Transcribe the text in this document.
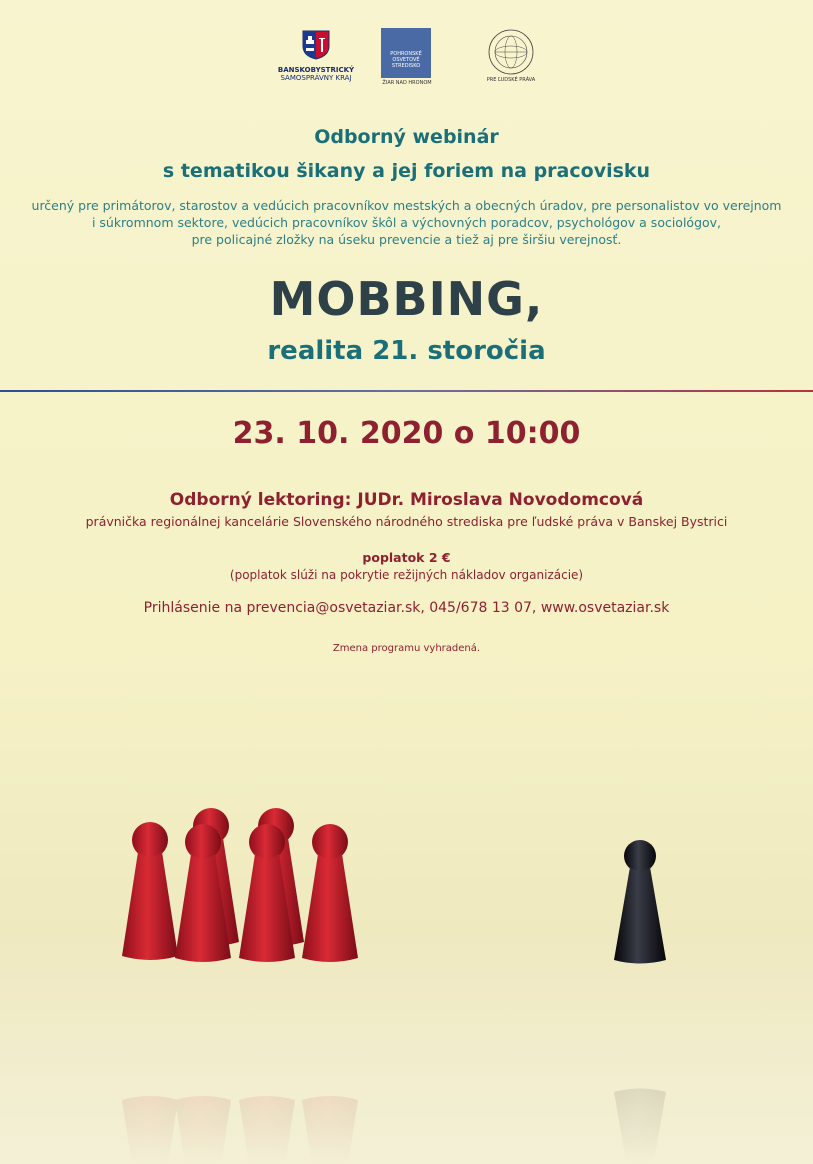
BANSKOBYSTRICKÝ
SAMOSPRÁVNY KRAJ
POHRONSKÉ
OSVETOVÉ
STREDISKO
ŽIAR NAD HRONOM	PRE ĽUDSKÉ PRÁVA
Odborný webinár
s tematikou šikany a jej foriem na pracovisku
určený pre primátorov, starostov a vedúcich pracovníkov mestských a obecných úradov, pre personalistov vo verejnom
i súkromnom sektore, vedúcich pracovníkov škôl a výchovných poradcov, psychológov a sociológov,
pre policajné zložky na úseku prevencie a tiež aj pre širšiu verejnosť.
MOBBING,
realita 21. storočia
23. 10. 2020 o 10:00
Odborný lektoring: JUDr. Miroslava Novodomcová
právnička regionálnej kancelárie Slovenského národného strediska pre ľudské práva v Banskej Bystrici
poplatok 2 €
(poplatok slúži na pokrytie režijných nákladov organizácie)
Prihlásenie na prevencia@osvetaziar.sk, 045/678 13 07, www.osvetaziar.sk
Zmena programu vyhradená.
